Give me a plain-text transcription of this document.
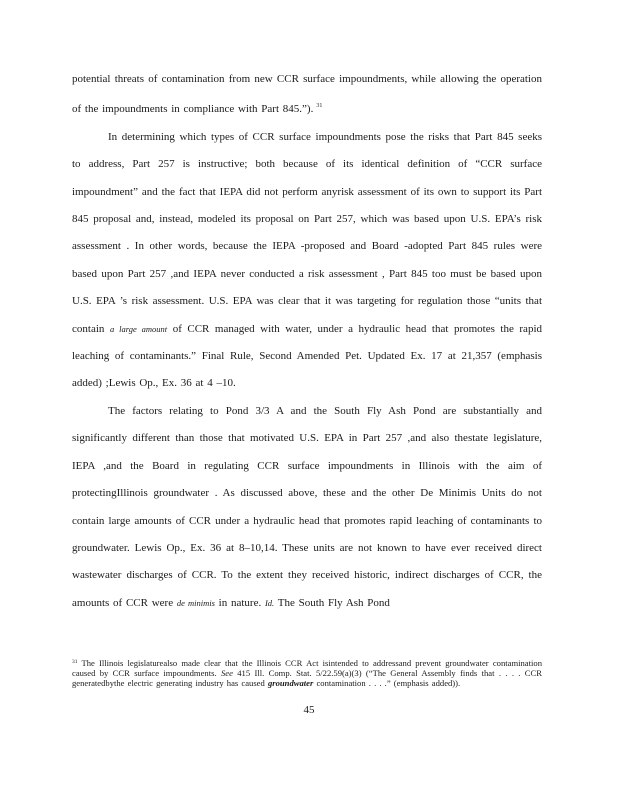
potential threats of contamination from new CCR surface impoundments, while allowing the operation of the impoundments in compliance with Part 845.”). $^{31}$

In determining which types of CCR surface impoundments pose the risks that Part 845 seeks to address, Part 257 is instructive; both because of its identical definition of “CCR surface impoundment” and the fact that IEPA did not perform anyrisk assessment of its own to support its Part 845 proposal and, instead, modeled its proposal on Part 257, which was based upon U.S. EPA’s risk assessment . In other words, because the IEPA -proposed and Board -adopted Part 845 rules were based upon Part 257 ,and IEPA never conducted a risk assessment , Part 845 too must be based upon U.S. EPA ’s risk assessment. U.S. EPA was clear that it was targeting for regulation those “units that contain a large amount of CCR managed with water, under a hydraulic head that promotes the rapid leaching of contaminants.” Final Rule, Second Amended Pet. Updated Ex. 17 at 21,357 (emphasis added) ;Lewis Op., Ex. 36 at 4 –10.

The factors relating to Pond 3/3 A and the South Fly Ash Pond are substantially and significantly different than those that motivated U.S. EPA in Part 257 ,and also thestate legislature, IEPA ,and the Board in regulating CCR surface impoundments in Illinois with the aim of protectingIllinois groundwater . As discussed above, these and the other De Minimis Units do not contain large amounts of CCR under a hydraulic head that promotes rapid leaching of contaminants to groundwater. Lewis Op., Ex. 36 at 8–10,14. These units are not known to have ever received direct wastewater discharges of CCR. To the extent they received historic, indirect discharges of CCR, the amounts of CCR were de minimis in nature. Id. The South Fly Ash Pond

$^{31}$ The Illinois legislaturealso made clear that the Illinois CCR Act isintended to addressand prevent groundwater contamination caused by CCR surface impoundments. See 415 Ill. Comp. Stat. 5/22.59(a)(3) (“The General Assembly finds that . . . . CCR generatedbythe electric generating industry has caused groundwater contamination . . . .” (emphasis added)).

45
